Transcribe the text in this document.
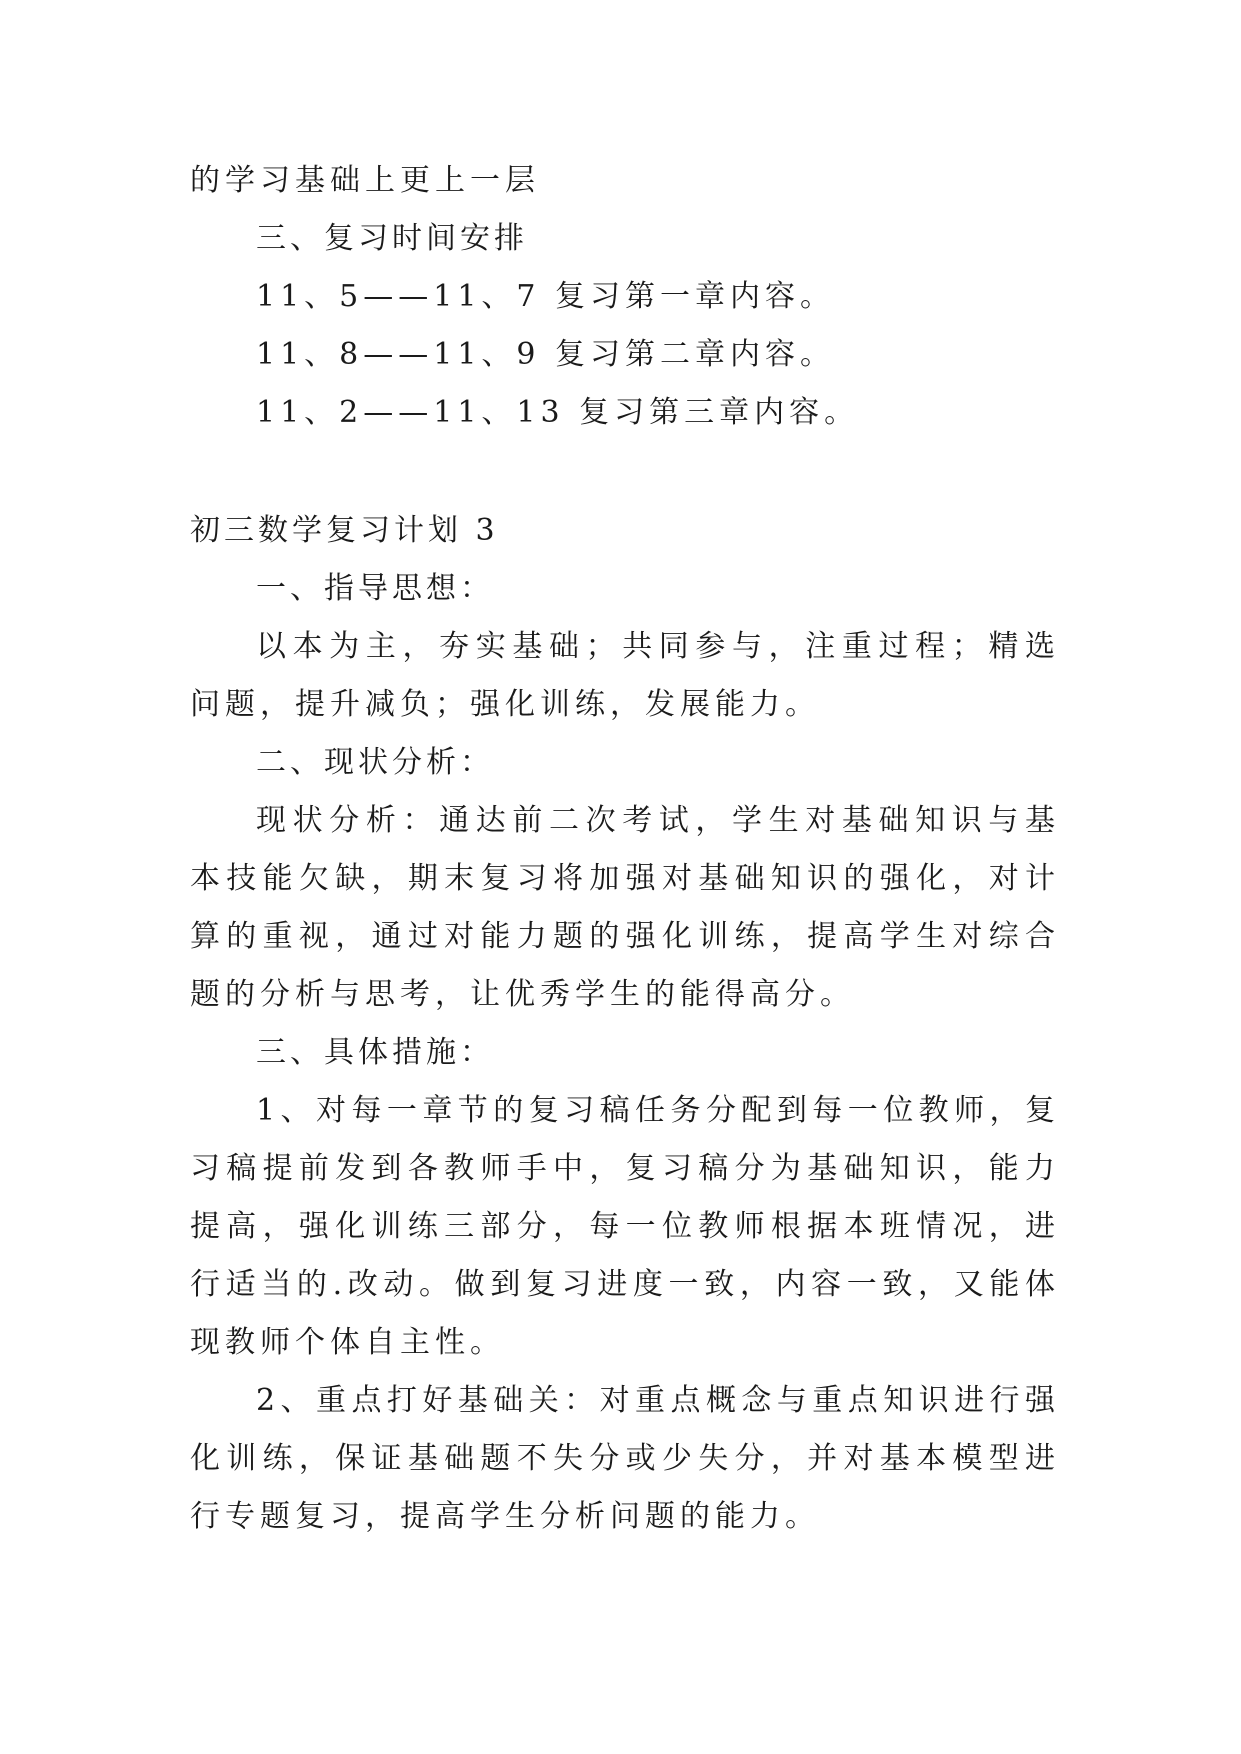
的学习基础上更上一层

三、复习时间安排

11、5——11、7 复习第一章内容。

11、8——11、9 复习第二章内容。

11、2——11、13 复习第三章内容。

初三数学复习计划 3

一、指导思想：

以本为主，夯实基础；共同参与，注重过程；精选问题，提升减负；强化训练，发展能力。

二、现状分析：

现状分析：通达前二次考试，学生对基础知识与基本技能欠缺，期末复习将加强对基础知识的强化，对计算的重视，通过对能力题的强化训练，提高学生对综合题的分析与思考，让优秀学生的能得高分。

三、具体措施：

1、对每一章节的复习稿任务分配到每一位教师，复习稿提前发到各教师手中，复习稿分为基础知识，能力提高，强化训练三部分，每一位教师根据本班情况，进行适当的.改动。做到复习进度一致，内容一致，又能体现教师个体自主性。

2、重点打好基础关：对重点概念与重点知识进行强化训练，保证基础题不失分或少失分，并对基本模型进行专题复习，提高学生分析问题的能力。
